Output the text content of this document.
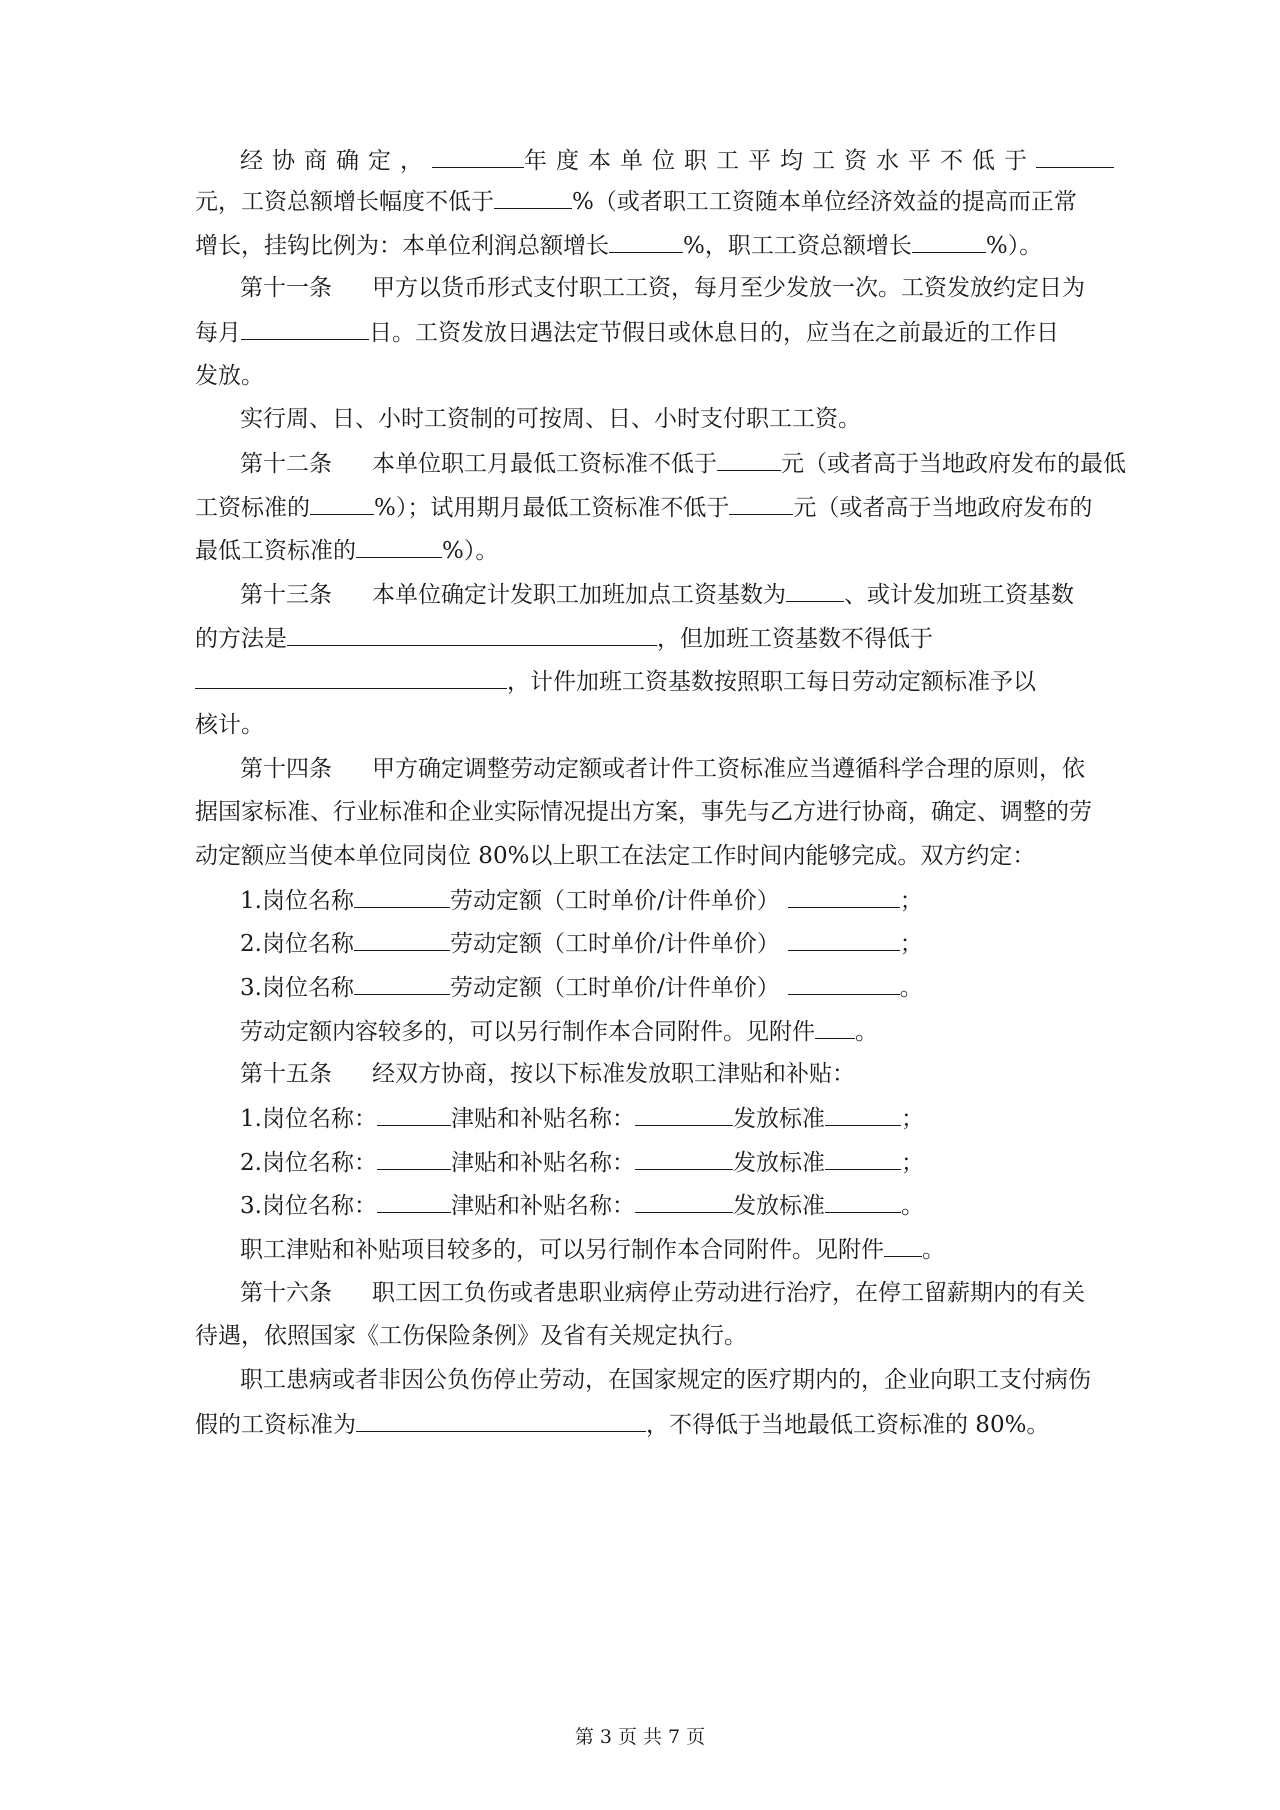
经协商确定，	年度本单位职工平均工资水平不低于
元，工资总额增长幅度不低于	%（或者职工工资随本单位经济效益的提高而正常
增长，挂钩比例为：本单位利润总额增长	%，职工工资总额增长	%）。
第十一条 甲方以货币形式支付职工工资，每月至少发放一次。工资发放约定日为
每月	日。工资发放日遇法定节假日或休息日的，应当在之前最近的工作日
发放。
实行周、日、小时工资制的可按周、日、小时支付职工工资。
第十二条 本单位职工月最低工资标准不低于	元（或者高于当地政府发布的最低
工资标准的	%）；试用期月最低工资标准不低于	元（或者高于当地政府发布的
最低工资标准的	%）。
第十三条 本单位确定计发职工加班加点工资基数为	、或计发加班工资基数
的方法是	，但加班工资基数不得低于
，计件加班工资基数按照职工每日劳动定额标准予以
核计。
第十四条 甲方确定调整劳动定额或者计件工资标准应当遵循科学合理的原则，依
据国家标准、行业标准和企业实际情况提出方案，事先与乙方进行协商，确定、调整的劳
动定额应当使本单位同岗位 80%以上职工在法定工作时间内能够完成。双方约定：
1.岗位名称	劳动定额（工时单价/计件单价）	；
2.岗位名称	劳动定额（工时单价/计件单价）	；
3.岗位名称	劳动定额（工时单价/计件单价）	。
劳动定额内容较多的，可以另行制作本合同附件。见附件 。
第十五条 经双方协商，按以下标准发放职工津贴和补贴：
1.岗位名称：	津贴和补贴名称：	发放标准	；
2.岗位名称：	津贴和补贴名称：	发放标准	；
3.岗位名称：	津贴和补贴名称：	发放标准	。
职工津贴和补贴项目较多的，可以另行制作本合同附件。见附件 。
第十六条 职工因工负伤或者患职业病停止劳动进行治疗，在停工留薪期内的有关
待遇，依照国家《工伤保险条例》及省有关规定执行。
职工患病或者非因公负伤停止劳动，在国家规定的医疗期内的，企业向职工支付病伤
假的工资标准为	，不得低于当地最低工资标准的 80%。
第 3 页 共 7 页
